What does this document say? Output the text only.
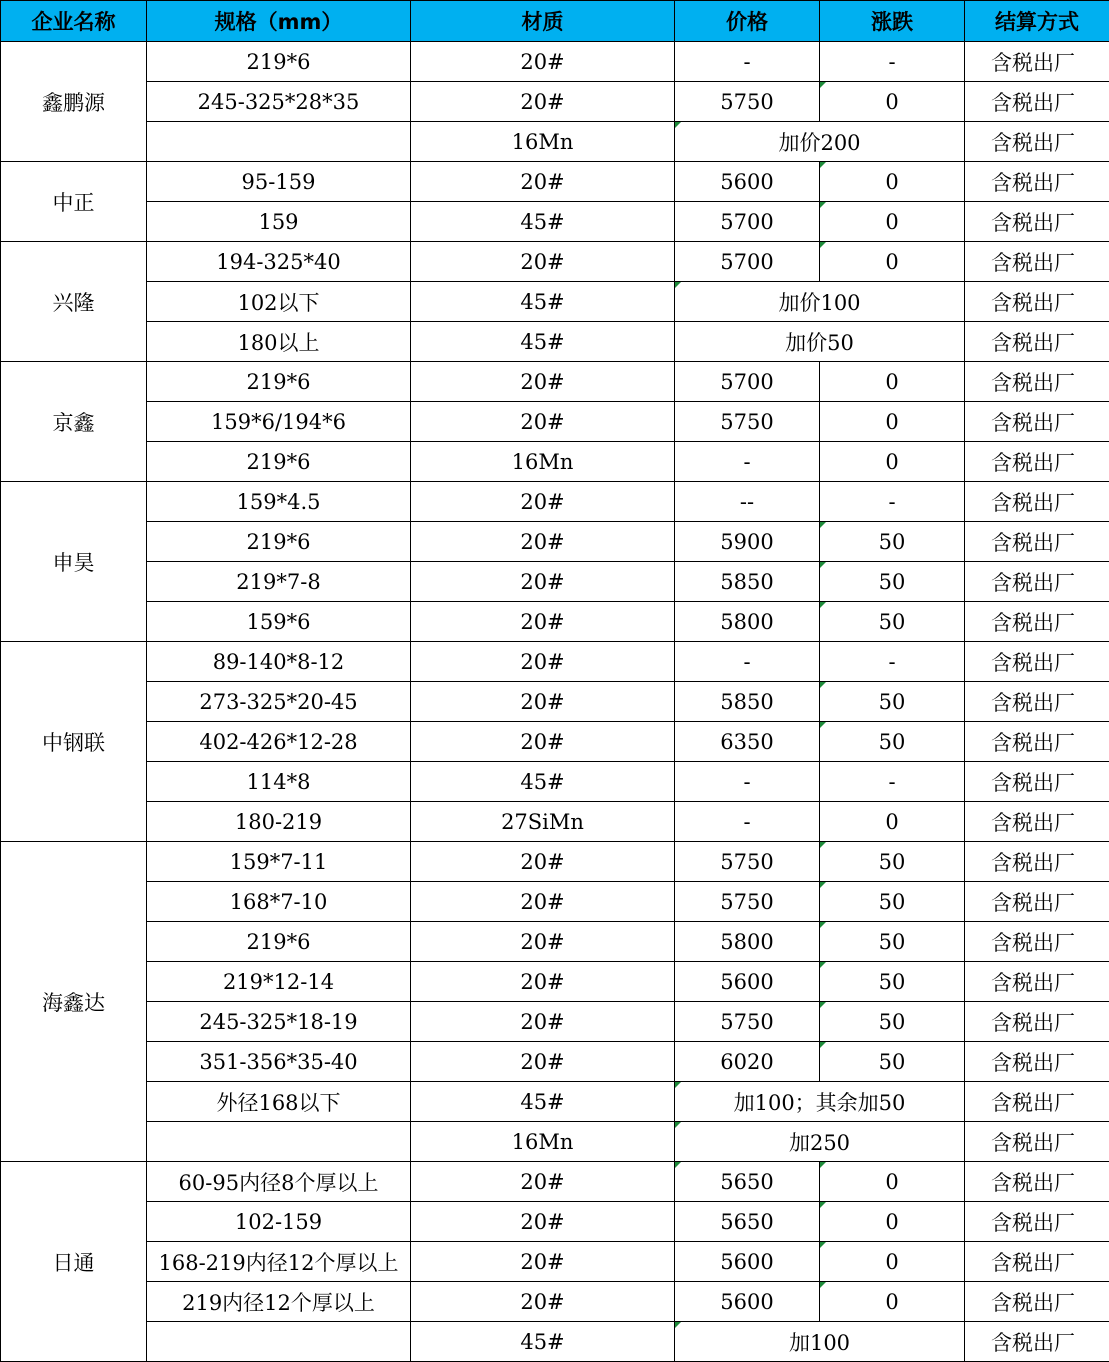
企业名称	规格（mm）	材质	价格	涨跌	结算方式
鑫鹏源	219*6	20#	-	-	含税出厂
	245-325*28*35	20#	5750	0	含税出厂
		16Mn	加价200		含税出厂
中正	95-159	20#	5600	0	含税出厂
	159	45#	5700	0	含税出厂
兴隆	194-325*40	20#	5700	0	含税出厂
	102以下	45#	加价100		含税出厂
	180以上	45#	加价50		含税出厂
京鑫	219*6	20#	5700	0	含税出厂
	159*6/194*6	20#	5750	0	含税出厂
	219*6	16Mn	-	0	含税出厂
申昊	159*4.5	20#	--	-	含税出厂
	219*6	20#	5900	50	含税出厂
	219*7-8	20#	5850	50	含税出厂
	159*6	20#	5800	50	含税出厂
中钢联	89-140*8-12	20#	-	-	含税出厂
	273-325*20-45	20#	5850	50	含税出厂
	402-426*12-28	20#	6350	50	含税出厂
	114*8	45#	-	-	含税出厂
	180-219	27SiMn	-	0	含税出厂
海鑫达	159*7-11	20#	5750	50	含税出厂
	168*7-10	20#	5750	50	含税出厂
	219*6	20#	5800	50	含税出厂
	219*12-14	20#	5600	50	含税出厂
	245-325*18-19	20#	5750	50	含税出厂
	351-356*35-40	20#	6020	50	含税出厂
	外径168以下	45#	加100；其余加50		含税出厂
		16Mn	加250		含税出厂
日通	60-95内径8个厚以上	20#	5650	0	含税出厂
	102-159	20#	5650	0	含税出厂
	168-219内径12个厚以上	20#	5600	0	含税出厂
	219内径12个厚以上	20#	5600	0	含税出厂
		45#	加100		含税出厂
